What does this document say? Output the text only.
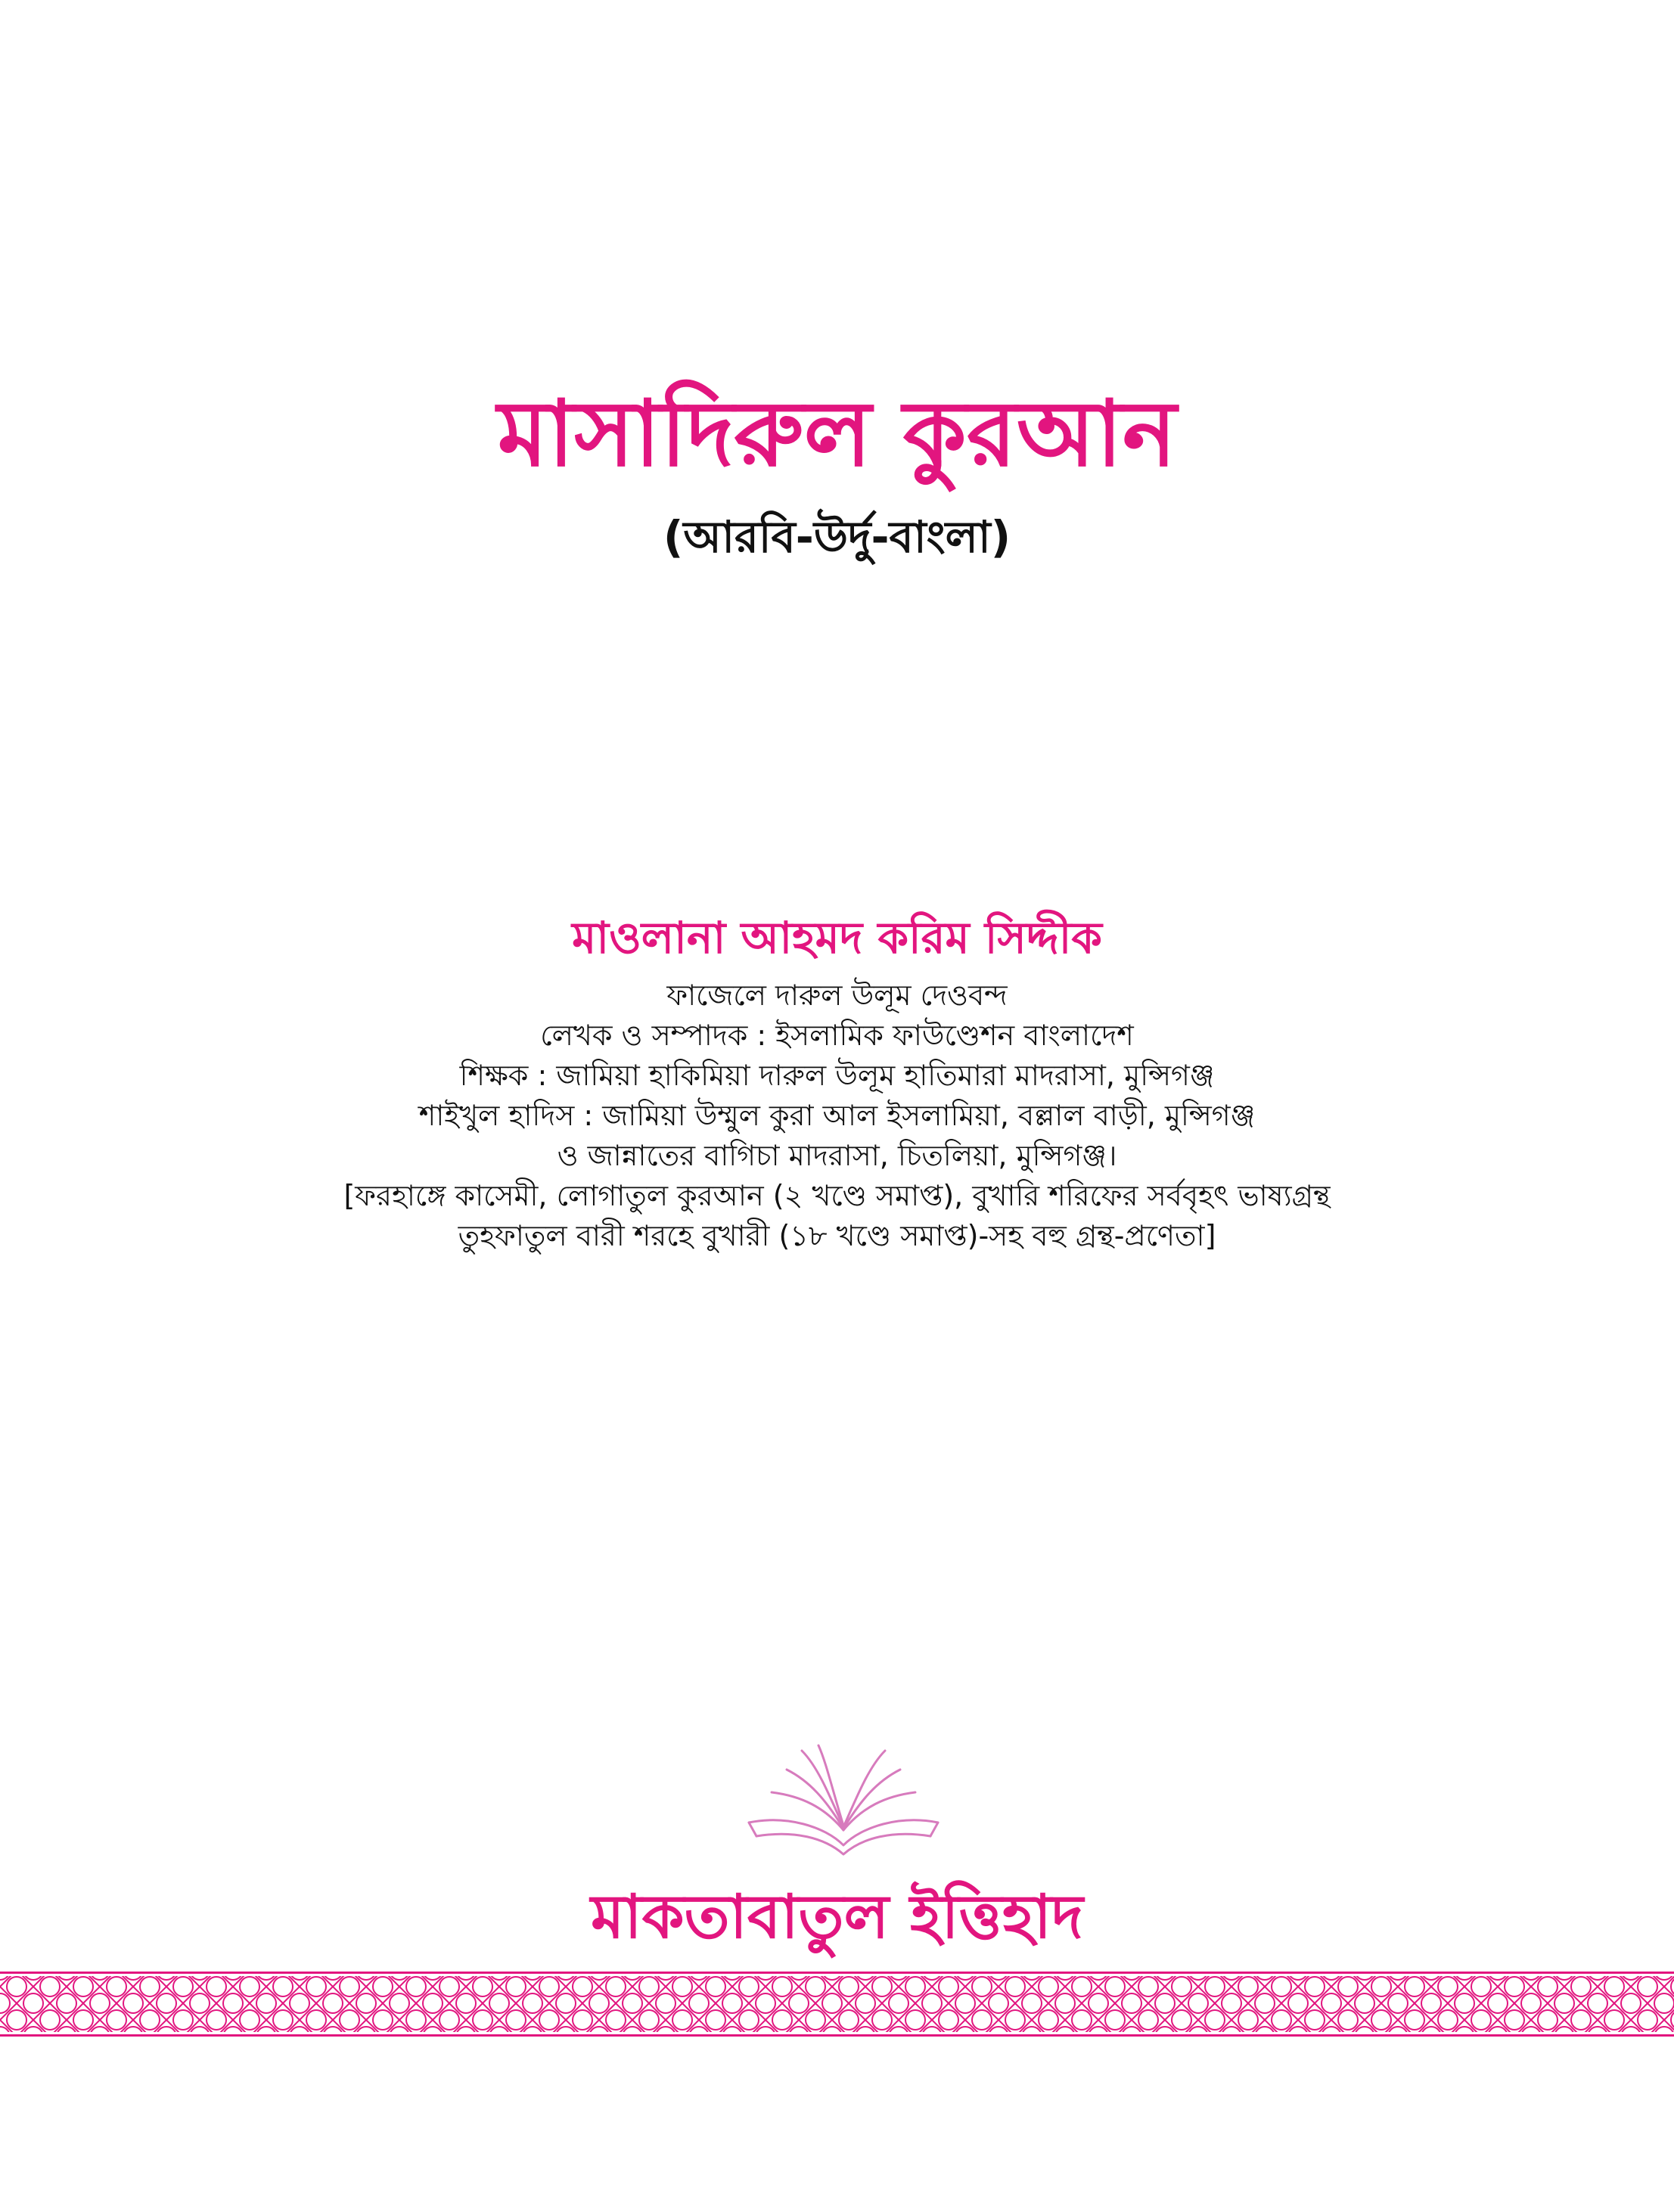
মাসাদিরুল কুরআন
(আরবি-উর্দু-বাংলা)
মাওলানা আহমদ করিম সিদ্দীক
ফাজেলে দারুল উলূম দেওবন্দ
লেখক ও সম্পাদক : ইসলামিক ফাউণ্ডেশন বাংলাদেশ
শিক্ষক : জামিয়া হাকিমিয়া দারুল উলূম হাতিমারা মাদরাসা, মুন্সিগঞ্জ
শাইখুল হাদিস : জামিয়া উম্মুল কুরা আল ইসলামিয়া, বল্লাল বাড়ী, মুন্সিগঞ্জ
ও জান্নাতের বাগিচা মাদরাসা, চিতলিয়া, মুন্সিগঞ্জ।
[ফরহাঙ্গে কাসেমী, লোগাতুল কুরআন (২ খণ্ডে সমাপ্ত), বুখারি শরিফের সর্ববৃহৎ ভাষ্যগ্রন্থ
তুহফাতুল বারী শরহে বুখারী (১৮ খণ্ডে সমাপ্ত)-সহ বহু গ্রন্থ-প্রণেতা]
মাকতাবাতুল ইত্তিহাদ
